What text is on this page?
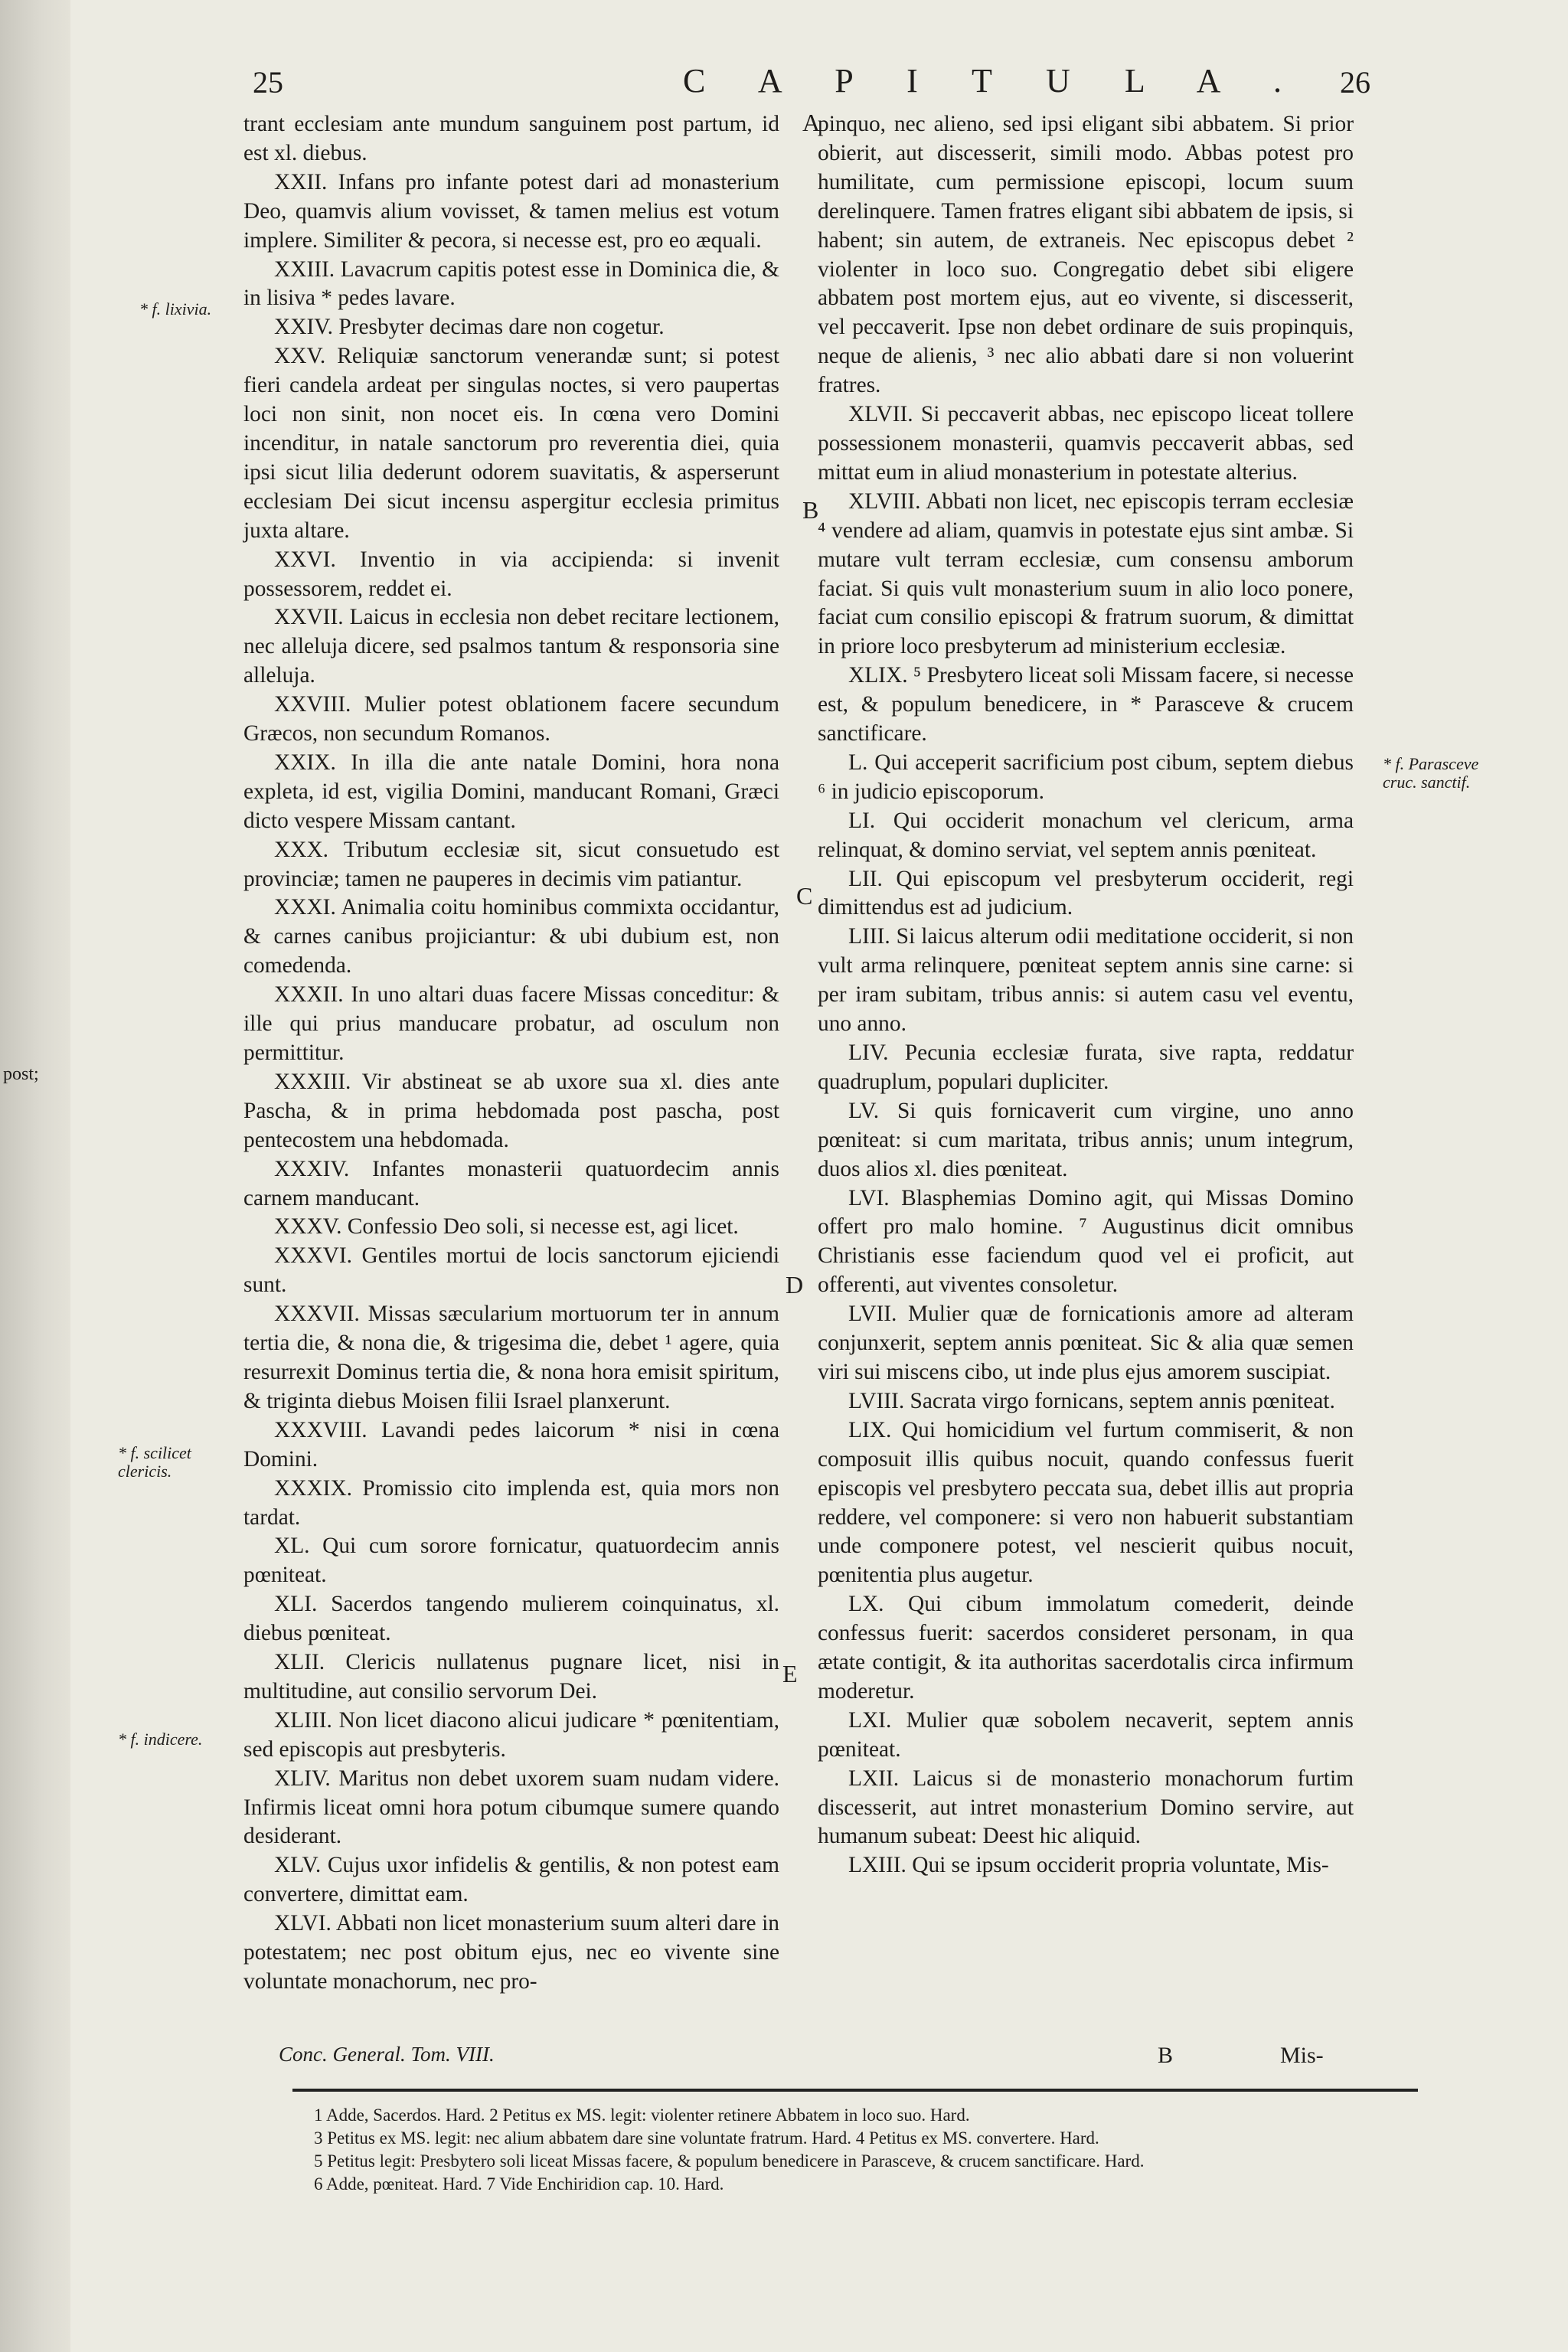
post;
25	C A P I T U L A . 26
* f. lixivia.
* f. scilicet clericis.
* f. indicere.
* f. Parasceve cruc. sanctif.
A
B
C
D
E

trant ecclesiam ante mundum sanguinem post partum, id est xl. diebus.

XXII. Infans pro infante potest dari ad monasterium Deo, quamvis alium vovisset, & tamen melius est votum implere. Similiter & pecora, si necesse est, pro eo æquali.

XXIII. Lavacrum capitis potest esse in Dominica die, & in lisiva * pedes lavare.

XXIV. Presbyter decimas dare non cogetur.

XXV. Reliquiæ sanctorum venerandæ sunt; si potest fieri candela ardeat per singulas noctes, si vero paupertas loci non sinit, non nocet eis. In cœna vero Domini incenditur, in natale sanctorum pro reverentia diei, quia ipsi sicut lilia dederunt odorem suavitatis, & asperserunt ecclesiam Dei sicut incensu aspergitur ecclesia primitus juxta altare.

XXVI. Inventio in via accipienda: si invenit possessorem, reddet ei.

XXVII. Laicus in ecclesia non debet recitare lectionem, nec alleluja dicere, sed psalmos tantum & responsoria sine alleluja.

XXVIII. Mulier potest oblationem facere secundum Græcos, non secundum Romanos.

XXIX. In illa die ante natale Domini, hora nona expleta, id est, vigilia Domini, manducant Romani, Græci dicto vespere Missam cantant.

XXX. Tributum ecclesiæ sit, sicut consuetudo est provinciæ; tamen ne pauperes in decimis vim patiantur.

XXXI. Animalia coitu hominibus commixta occidantur, & carnes canibus projiciantur: & ubi dubium est, non comedenda.

XXXII. In uno altari duas facere Missas conceditur: & ille qui prius manducare probatur, ad osculum non permittitur.

XXXIII. Vir abstineat se ab uxore sua xl. dies ante Pascha, & in prima hebdomada post pascha, post pentecostem una hebdomada.

XXXIV. Infantes monasterii quatuordecim annis carnem manducant.

XXXV. Confessio Deo soli, si necesse est, agi licet.

XXXVI. Gentiles mortui de locis sanctorum ejiciendi sunt.

XXXVII. Missas sæcularium mortuorum ter in annum tertia die, & nona die, & trigesima die, debet ¹ agere, quia resurrexit Dominus tertia die, & nona hora emisit spiritum, & triginta diebus Moisen filii Israel planxerunt.

XXXVIII. Lavandi pedes laicorum * nisi in cœna Domini.

XXXIX. Promissio cito implenda est, quia mors non tardat.

XL. Qui cum sorore fornicatur, quatuordecim annis pœniteat.

XLI. Sacerdos tangendo mulierem coinquinatus, xl. diebus pœniteat.

XLII. Clericis nullatenus pugnare licet, nisi in multitudine, aut consilio servorum Dei.

XLIII. Non licet diacono alicui judicare * pœnitentiam, sed episcopis aut presbyteris.

XLIV. Maritus non debet uxorem suam nudam videre. Infirmis liceat omni hora potum cibumque sumere quando desiderant.

XLV. Cujus uxor infidelis & gentilis, & non potest eam convertere, dimittat eam.

XLVI. Abbati non licet monasterium suum alteri dare in potestatem; nec post obitum ejus, nec eo vivente sine voluntate monachorum, nec pro-

Conc. General. Tom. VIII.

pinquo, nec alieno, sed ipsi eligant sibi abbatem. Si prior obierit, aut discesserit, simili modo. Abbas potest pro humilitate, cum permissione episcopi, locum suum derelinquere. Tamen fratres eligant sibi abbatem de ipsis, si habent; sin autem, de extraneis. Nec episcopus debet ² violenter in loco suo. Congregatio debet sibi eligere abbatem post mortem ejus, aut eo vivente, si discesserit, vel peccaverit. Ipse non debet ordinare de suis propinquis, neque de alienis, ³ nec alio abbati dare si non voluerint fratres.

XLVII. Si peccaverit abbas, nec episcopo liceat tollere possessionem monasterii, quamvis peccaverit abbas, sed mittat eum in aliud monasterium in potestate alterius.

XLVIII. Abbati non licet, nec episcopis terram ecclesiæ ⁴ vendere ad aliam, quamvis in potestate ejus sint ambæ. Si mutare vult terram ecclesiæ, cum consensu amborum faciat. Si quis vult monasterium suum in alio loco ponere, faciat cum consilio episcopi & fratrum suorum, & dimittat in priore loco presbyterum ad ministerium ecclesiæ.

XLIX. ⁵ Presbytero liceat soli Missam facere, si necesse est, & populum benedicere, in * Parasceve & crucem sanctificare.

L. Qui acceperit sacrificium post cibum, septem diebus ⁶ in judicio episcoporum.

LI. Qui occiderit monachum vel clericum, arma relinquat, & domino serviat, vel septem annis pœniteat.

LII. Qui episcopum vel presbyterum occiderit, regi dimittendus est ad judicium.

LIII. Si laicus alterum odii meditatione occiderit, si non vult arma relinquere, pœniteat septem annis sine carne: si per iram subitam, tribus annis: si autem casu vel eventu, uno anno.

LIV. Pecunia ecclesiæ furata, sive rapta, reddatur quadruplum, populari dupliciter.

LV. Si quis fornicaverit cum virgine, uno anno pœniteat: si cum maritata, tribus annis; unum integrum, duos alios xl. dies pœniteat.

LVI. Blasphemias Domino agit, qui Missas Domino offert pro malo homine. ⁷ Augustinus dicit omnibus Christianis esse faciendum quod vel ei proficit, aut offerenti, aut viventes consoletur.

LVII. Mulier quæ de fornicationis amore ad alteram conjunxerit, septem annis pœniteat. Sic & alia quæ semen viri sui miscens cibo, ut inde plus ejus amorem suscipiat.

LVIII. Sacrata virgo fornicans, septem annis pœniteat.

LIX. Qui homicidium vel furtum commiserit, & non composuit illis quibus nocuit, quando confessus fuerit episcopis vel presbytero peccata sua, debet illis aut propria reddere, vel componere: si vero non habuerit substantiam unde componere potest, vel nescierit quibus nocuit, pœnitentia plus augetur.

LX. Qui cibum immolatum comederit, deinde confessus fuerit: sacerdos consideret personam, in qua ætate contigit, & ita authoritas sacerdotalis circa infirmum moderetur.

LXI. Mulier quæ sobolem necaverit, septem annis pœniteat.

LXII. Laicus si de monasterio monachorum furtim discesserit, aut intret monasterium Domino servire, aut humanum subeat: Deest hic aliquid.

LXIII. Qui se ipsum occiderit propria voluntate, Mis-

B	Mis-
1 Adde, Sacerdos. Hard. 2 Petitus ex MS. legit: violenter retinere Abbatem in loco suo. Hard.
3 Petitus ex MS. legit: nec alium abbatem dare sine voluntate fratrum. Hard. 4 Petitus ex MS. convertere. Hard.
5 Petitus legit: Presbytero soli liceat Missas facere, & populum benedicere in Parasceve, & crucem sanctificare. Hard.
6 Adde, pœniteat. Hard. 7 Vide Enchiridion cap. 10. Hard.
